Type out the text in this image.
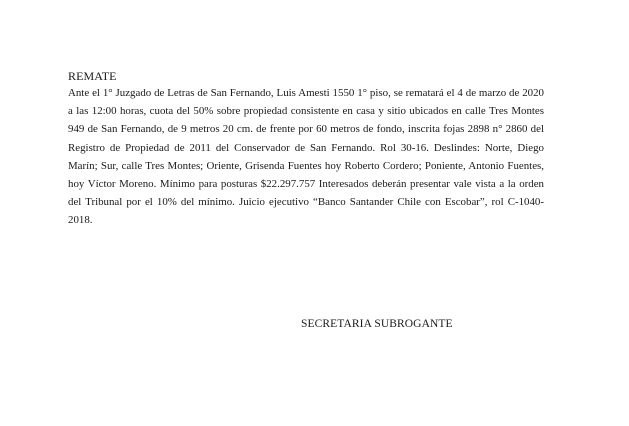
REMATE

Ante el 1° Juzgado de Letras de San Fernando, Luis Amesti 1550 1° piso, se rematará el 4 de marzo de 2020 a las 12:00 horas, cuota del 50% sobre propiedad consistente en casa y sitio ubicados en calle Tres Montes 949 de San Fernando, de 9 metros 20 cm. de frente por 60 metros de fondo, inscrita fojas 2898 n° 2860 del Registro de Propiedad de 2011 del Conservador de San Fernando. Rol 30-16. Deslindes: Norte, Diego Marín; Sur, calle Tres Montes; Oriente, Grisenda Fuentes hoy Roberto Cordero; Poniente, Antonio Fuentes, hoy Víctor Moreno. Mínimo para posturas $22.297.757 Interesados deberán presentar vale vista a la orden del Tribunal por el 10% del mínimo. Juicio ejecutivo “Banco Santander Chile con Escobar”, rol C-1040-2018.

SECRETARIA SUBROGANTE
